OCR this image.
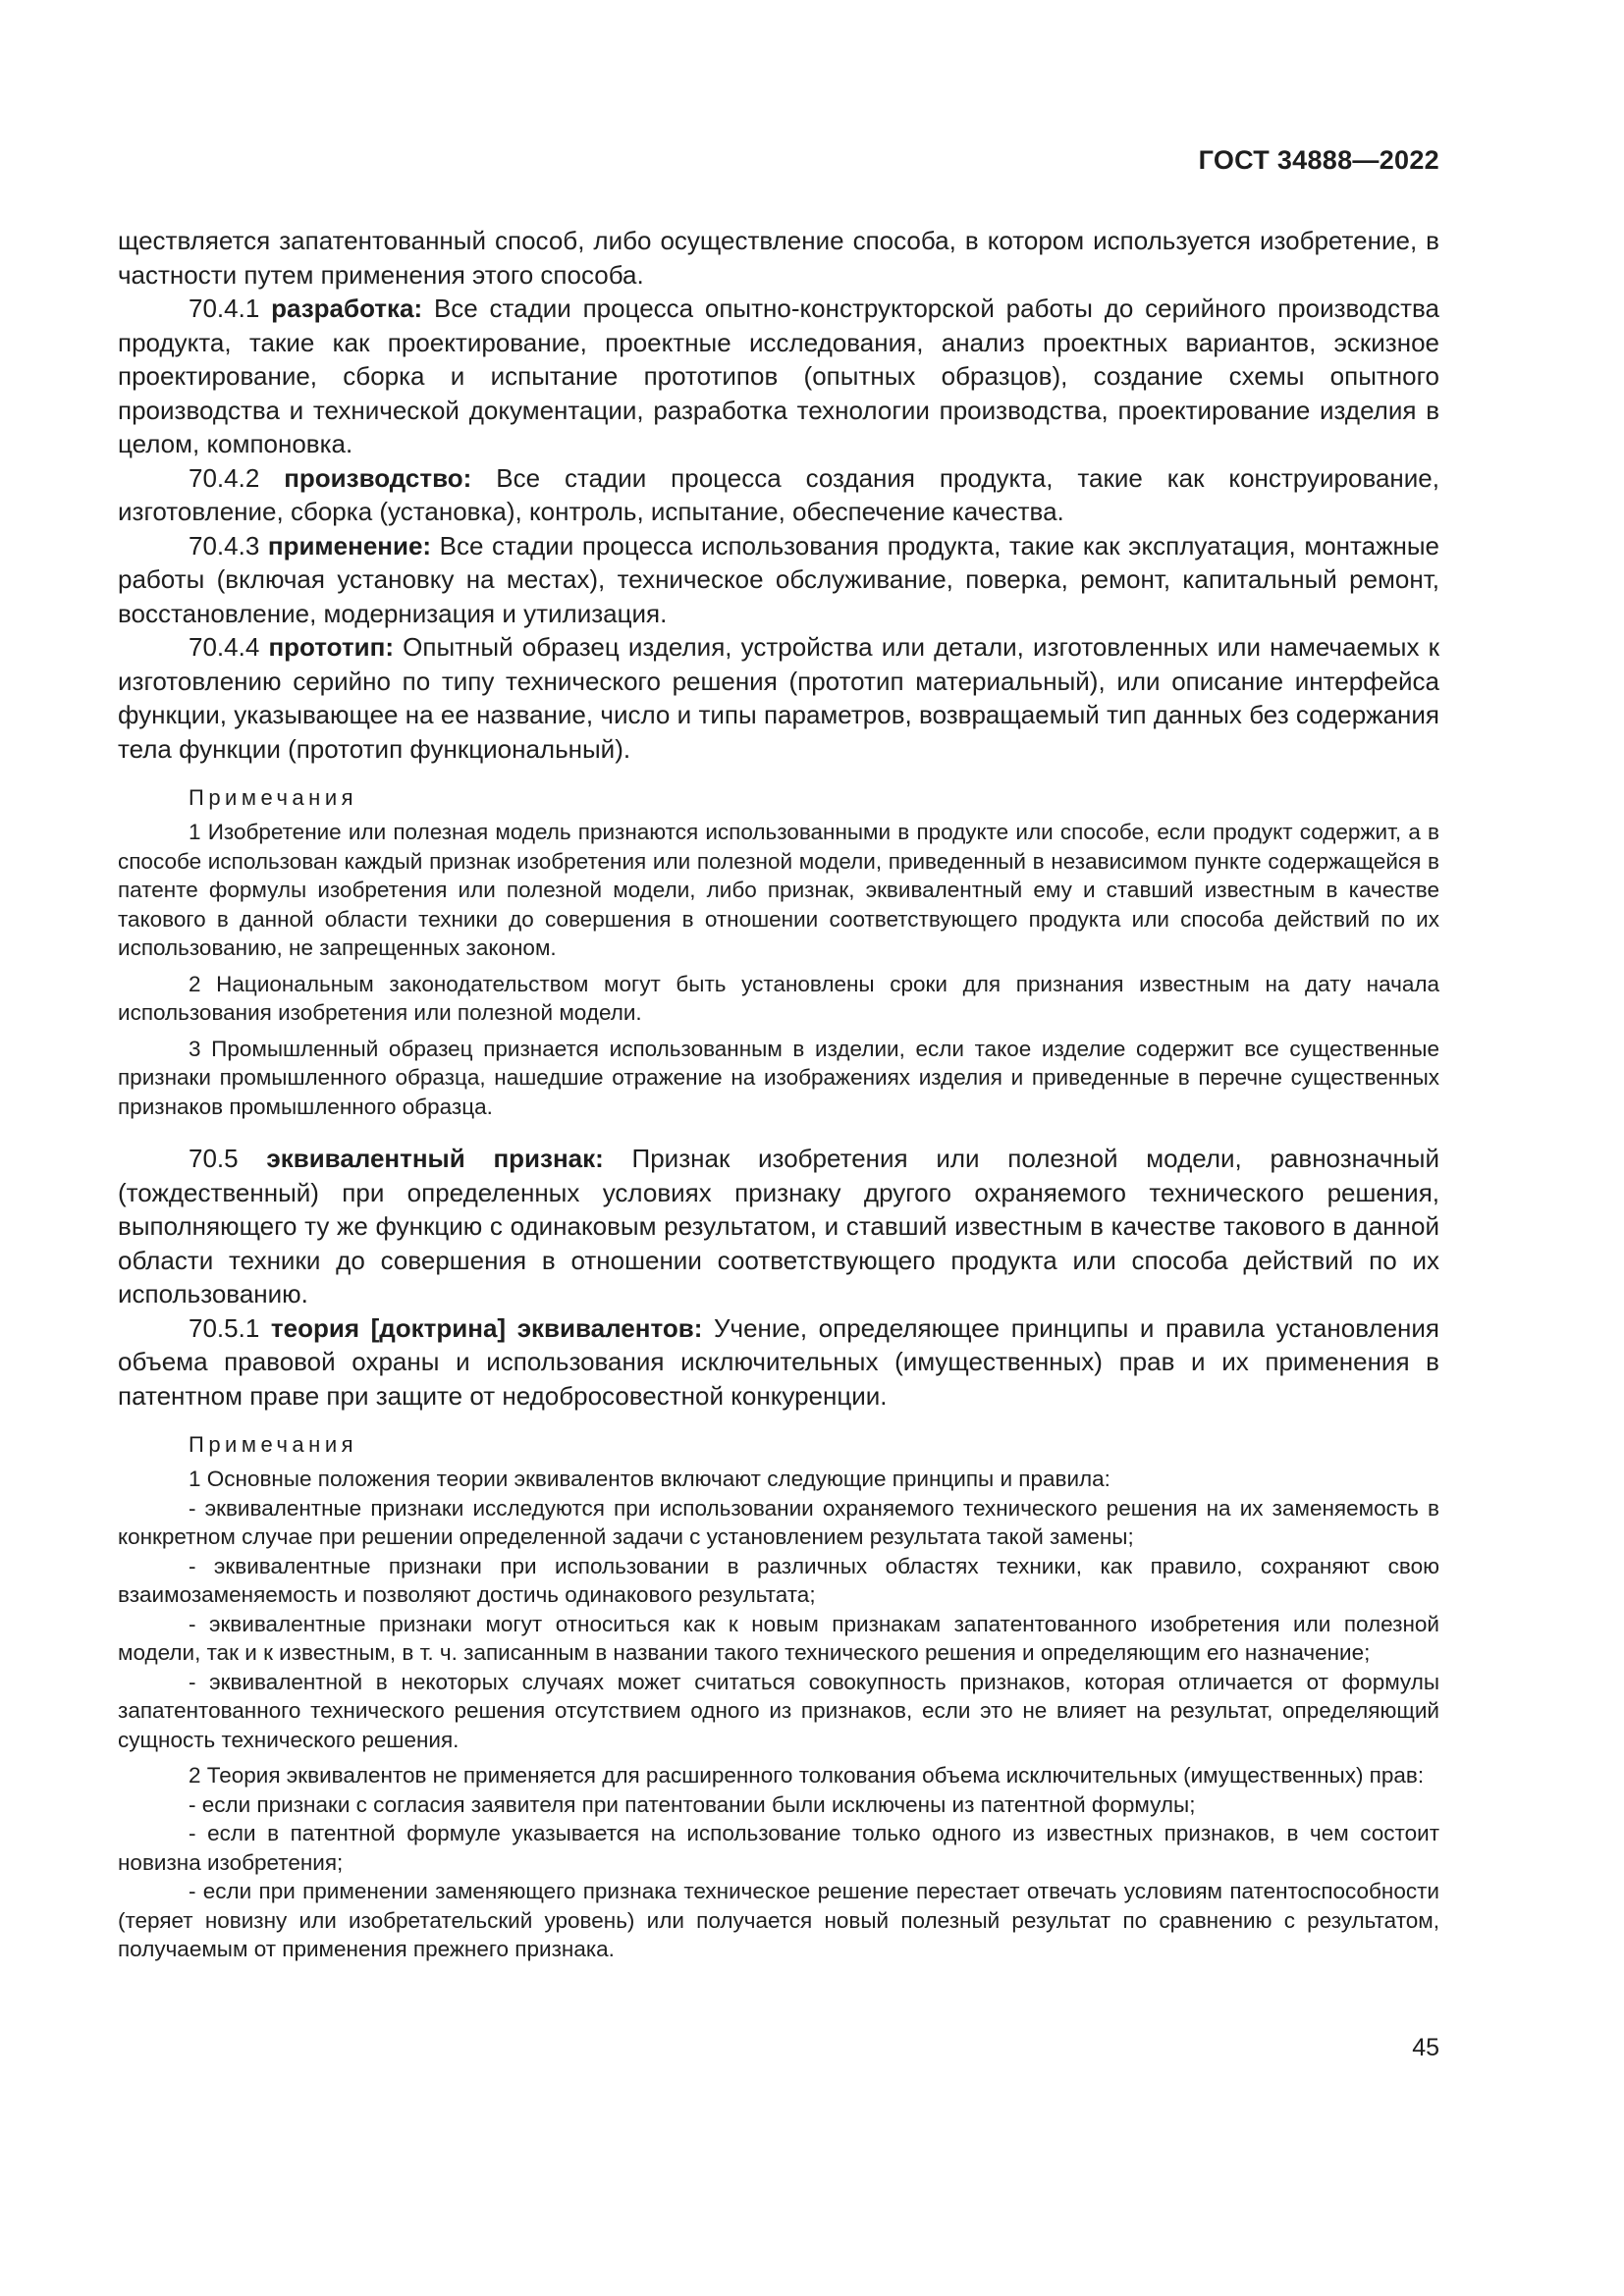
ГОСТ 34888—2022

ществляется запатентованный способ, либо осуществление способа, в котором используется изобретение, в частности путем применения этого способа.

70.4.1 разработка: Все стадии процесса опытно-конструкторской работы до серийного производства продукта, такие как проектирование, проектные исследования, анализ проектных вариантов, эскизное проектирование, сборка и испытание прототипов (опытных образцов), создание схемы опытного производства и технической документации, разработка технологии производства, проектирование изделия в целом, компоновка.

70.4.2 производство: Все стадии процесса создания продукта, такие как конструирование, изготовление, сборка (установка), контроль, испытание, обеспечение качества.

70.4.3 применение: Все стадии процесса использования продукта, такие как эксплуатация, монтажные работы (включая установку на местах), техническое обслуживание, поверка, ремонт, капитальный ремонт, восстановление, модернизация и утилизация.

70.4.4 прототип: Опытный образец изделия, устройства или детали, изготовленных или намечаемых к изготовлению серийно по типу технического решения (прототип материальный), или описание интерфейса функции, указывающее на ее название, число и типы параметров, возвращаемый тип данных без содержания тела функции (прототип функциональный).

Примечания

1 Изобретение или полезная модель признаются использованными в продукте или способе, если продукт содержит, а в способе использован каждый признак изобретения или полезной модели, приведенный в независимом пункте содержащейся в патенте формулы изобретения или полезной модели, либо признак, эквивалентный ему и ставший известным в качестве такового в данной области техники до совершения в отношении соответствующего продукта или способа действий по их использованию, не запрещенных законом.

2 Национальным законодательством могут быть установлены сроки для признания известным на дату начала использования изобретения или полезной модели.

3 Промышленный образец признается использованным в изделии, если такое изделие содержит все существенные признаки промышленного образца, нашедшие отражение на изображениях изделия и приведенные в перечне существенных признаков промышленного образца.

70.5 эквивалентный признак: Признак изобретения или полезной модели, равнозначный (тождественный) при определенных условиях признаку другого охраняемого технического решения, выполняющего ту же функцию с одинаковым результатом, и ставший известным в качестве такового в данной области техники до совершения в отношении соответствующего продукта или способа действий по их использованию.

70.5.1 теория [доктрина] эквивалентов: Учение, определяющее принципы и правила установления объема правовой охраны и использования исключительных (имущественных) прав и их применения в патентном праве при защите от недобросовестной конкуренции.

Примечания

1 Основные положения теории эквивалентов включают следующие принципы и правила:

- эквивалентные признаки исследуются при использовании охраняемого технического решения на их заменяемость в конкретном случае при решении определенной задачи с установлением результата такой замены;

- эквивалентные признаки при использовании в различных областях техники, как правило, сохраняют свою взаимозаменяемость и позволяют достичь одинакового результата;

- эквивалентные признаки могут относиться как к новым признакам запатентованного изобретения или полезной модели, так и к известным, в т. ч. записанным в названии такого технического решения и определяющим его назначение;

- эквивалентной в некоторых случаях может считаться совокупность признаков, которая отличается от формулы запатентованного технического решения отсутствием одного из признаков, если это не влияет на результат, определяющий сущность технического решения.

2 Теория эквивалентов не применяется для расширенного толкования объема исключительных (имущественных) прав:

- если признаки с согласия заявителя при патентовании были исключены из патентной формулы;

- если в патентной формуле указывается на использование только одного из известных признаков, в чем состоит новизна изобретения;

- если при применении заменяющего признака техническое решение перестает отвечать условиям патентоспособности (теряет новизну или изобретательский уровень) или получается новый полезный результат по сравнению с результатом, получаемым от применения прежнего признака.

45
